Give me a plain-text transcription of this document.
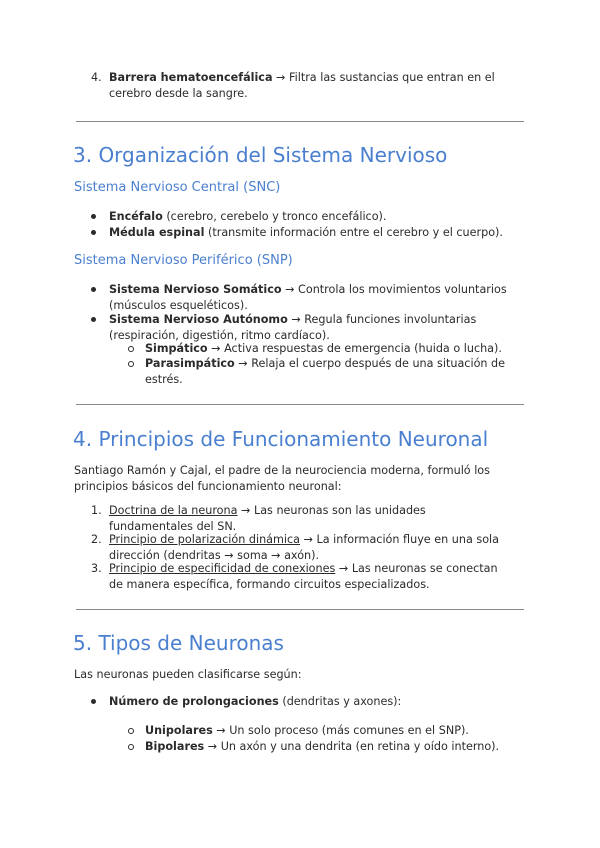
4. Barrera hematoencefálica → Filtra las sustancias que entran en el
cerebro desde la sangre.
3. Organización del Sistema Nervioso
Sistema Nervioso Central (SNC)
Encéfalo (cerebro, cerebelo y tronco encefálico).
Médula espinal (transmite información entre el cerebro y el cuerpo).
Sistema Nervioso Periférico (SNP)
Sistema Nervioso Somático → Controla los movimientos voluntarios
(músculos esqueléticos).
Sistema Nervioso Autónomo → Regula funciones involuntarias
(respiración, digestión, ritmo cardíaco).
Simpático → Activa respuestas de emergencia (huida o lucha).
Parasimpático → Relaja el cuerpo después de una situación de
estrés.
4. Principios de Funcionamiento Neuronal

Santiago Ramón y Cajal, el padre de la neurociencia moderna, formuló los
principios básicos del funcionamiento neuronal:

1. Doctrina de la neurona → Las neuronas son las unidades
fundamentales del SN.
2. Principio de polarización dinámica → La información fluye en una sola
dirección (dendritas → soma → axón).
3. Principio de especificidad de conexiones → Las neuronas se conectan
de manera específica, formando circuitos especializados.
5. Tipos de Neuronas

Las neuronas pueden clasificarse según:

Número de prolongaciones (dendritas y axones):
Unipolares → Un solo proceso (más comunes en el SNP).
Bipolares → Un axón y una dendrita (en retina y oído interno).
